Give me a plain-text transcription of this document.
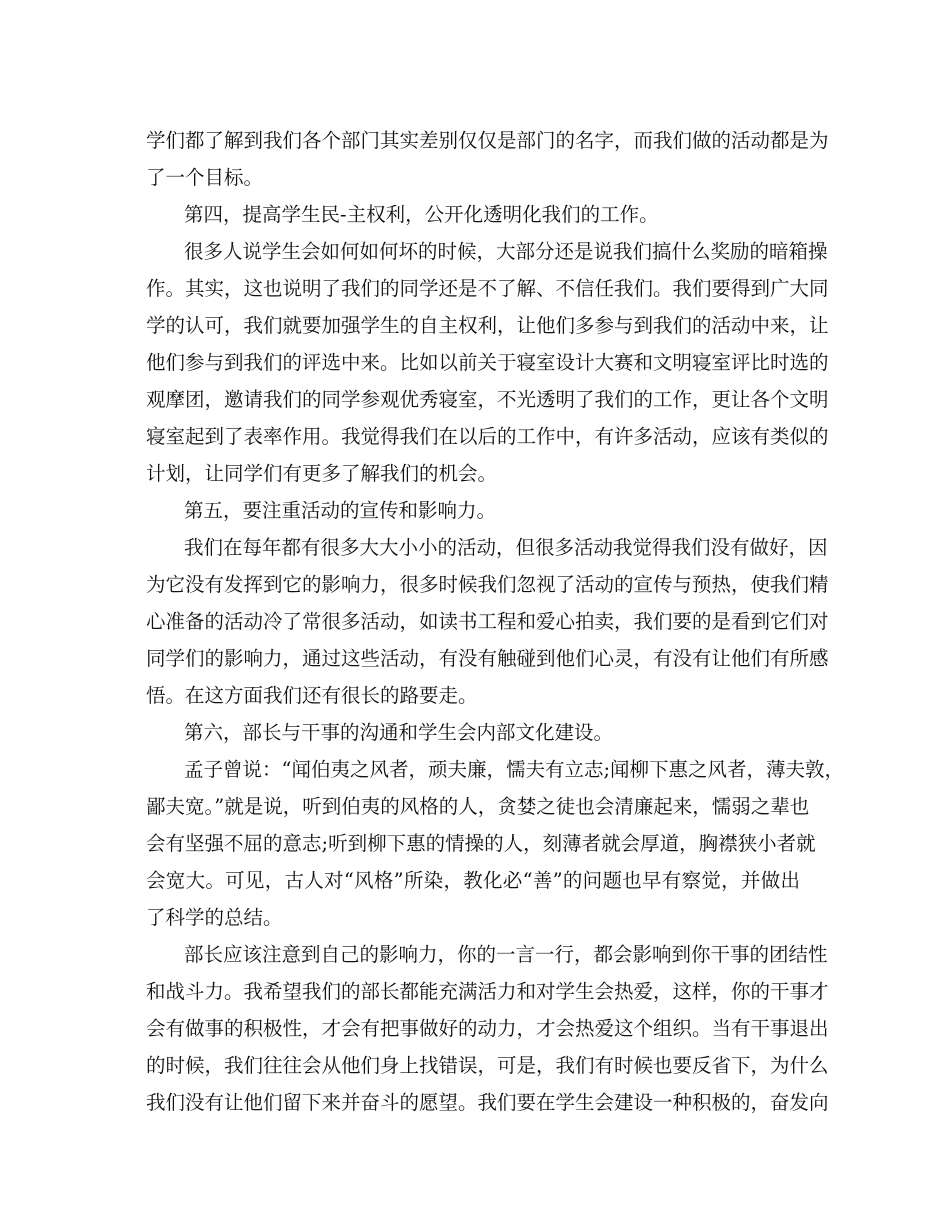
学们都了解到我们各个部门其实差别仅仅是部门的名字，而我们做的活动都是为
了一个目标。
第四，提高学生民-主权利，公开化透明化我们的工作。
很多人说学生会如何如何坏的时候，大部分还是说我们搞什么奖励的暗箱操
作。其实，这也说明了我们的同学还是不了解、不信任我们。我们要得到广大同
学的认可，我们就要加强学生的自主权利，让他们多参与到我们的活动中来，让
他们参与到我们的评选中来。比如以前关于寝室设计大赛和文明寝室评比时选的
观摩团，邀请我们的同学参观优秀寝室，不光透明了我们的工作，更让各个文明
寝室起到了表率作用。我觉得我们在以后的工作中，有许多活动，应该有类似的
计划，让同学们有更多了解我们的机会。
第五，要注重活动的宣传和影响力。
我们在每年都有很多大大小小的活动，但很多活动我觉得我们没有做好，因
为它没有发挥到它的影响力，很多时候我们忽视了活动的宣传与预热，使我们精
心准备的活动冷了常很多活动，如读书工程和爱心拍卖，我们要的是看到它们对
同学们的影响力，通过这些活动，有没有触碰到他们心灵，有没有让他们有所感
悟。在这方面我们还有很长的路要走。
第六，部长与干事的沟通和学生会内部文化建设。
孟子曾说：“闻伯夷之风者，顽夫廉，懦夫有立志;闻柳下惠之风者，薄夫敦，
鄙夫宽。”就是说，听到伯夷的风格的人，贪婪之徒也会清廉起来，懦弱之辈也
会有坚强不屈的意志;听到柳下惠的情操的人，刻薄者就会厚道，胸襟狭小者就
会宽大。可见，古人对“风格”所染，教化必“善”的问题也早有察觉，并做出
了科学的总结。
部长应该注意到自己的影响力，你的一言一行，都会影响到你干事的团结性
和战斗力。我希望我们的部长都能充满活力和对学生会热爱，这样，你的干事才
会有做事的积极性，才会有把事做好的动力，才会热爱这个组织。当有干事退出
的时候，我们往往会从他们身上找错误，可是，我们有时候也要反省下，为什么
我们没有让他们留下来并奋斗的愿望。我们要在学生会建设一种积极的，奋发向
